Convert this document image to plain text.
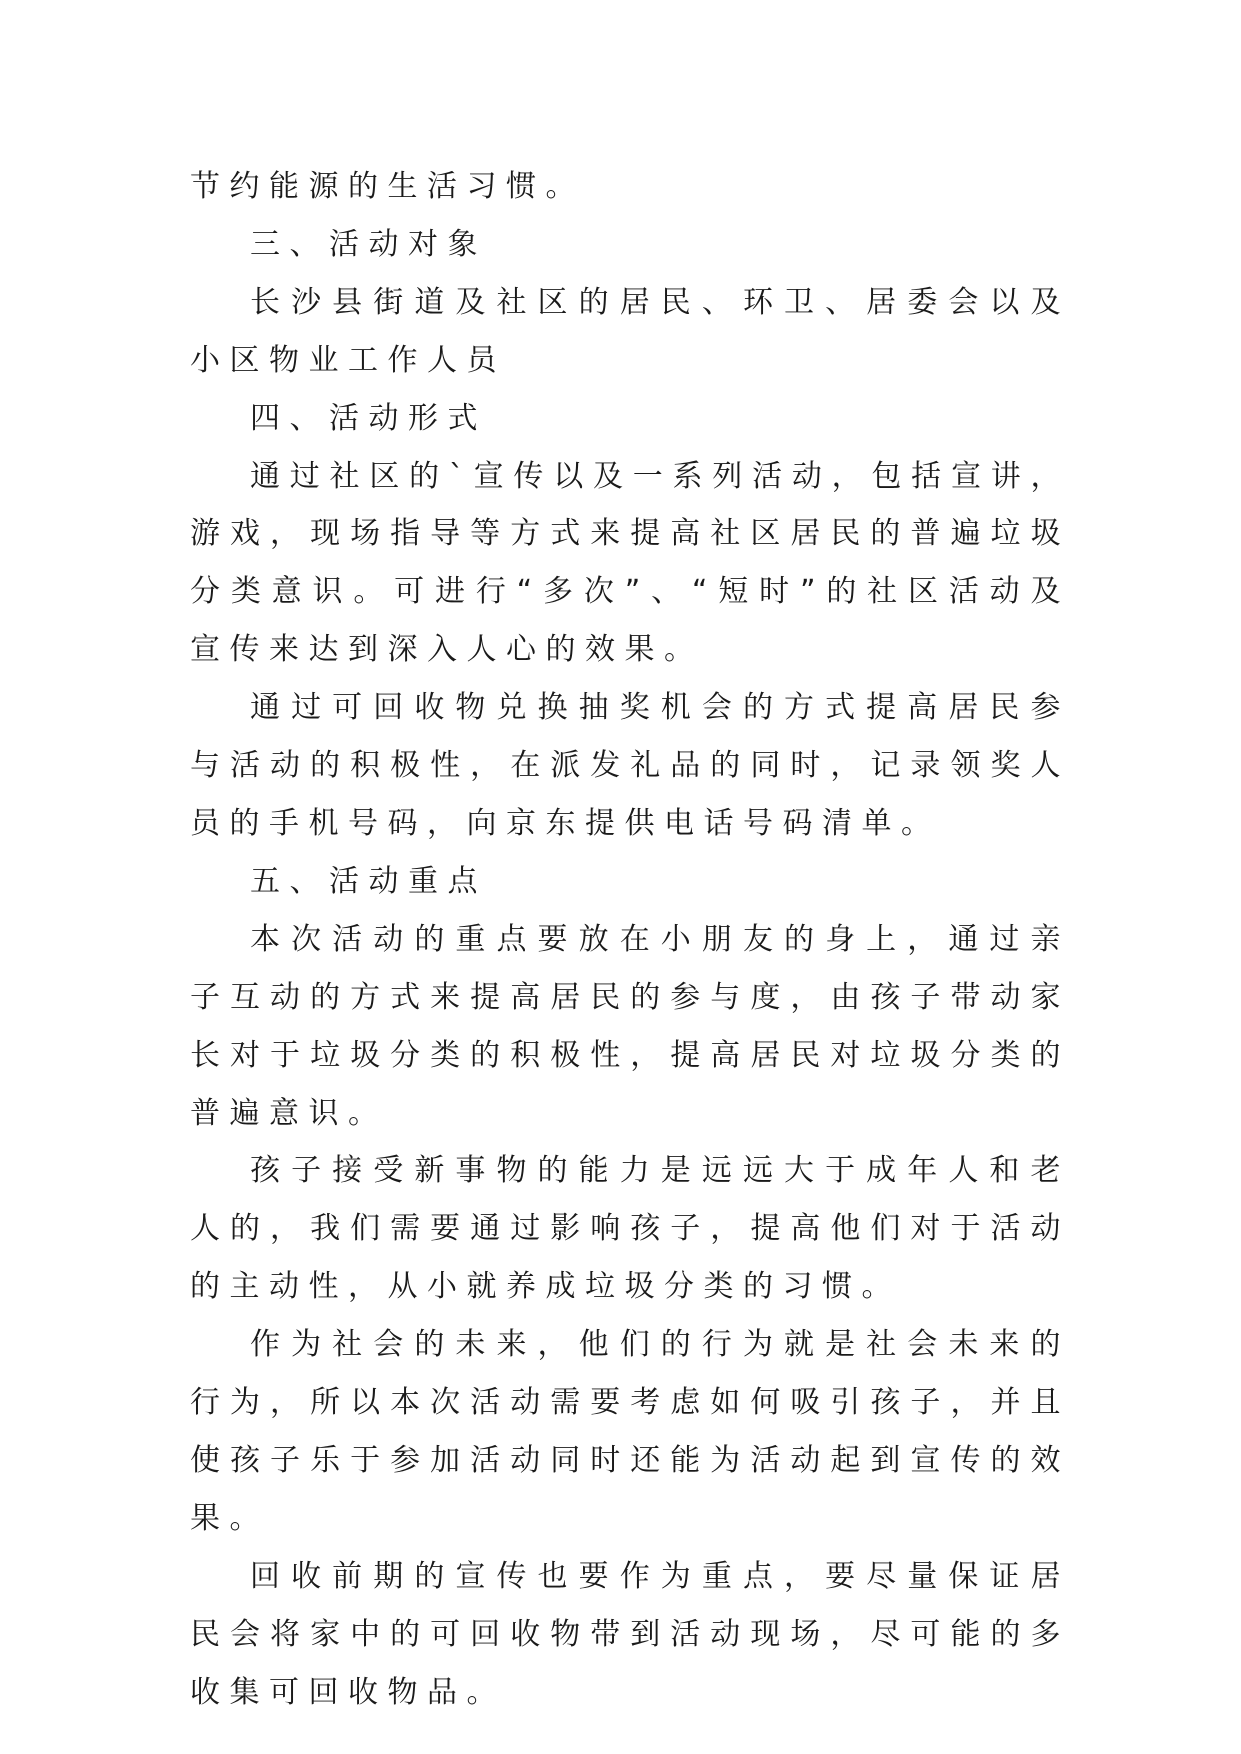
节约能源的生活习惯。

三、活动对象

长沙县街道及社区的居民、环卫、居委会以及小区物业工作人员

四、活动形式

通过社区的`宣传以及一系列活动，包括宣讲，游戏，现场指导等方式来提高社区居民的普遍垃圾分类意识。可进行“多次”、“短时”的社区活动及宣传来达到深入人心的效果。

通过可回收物兑换抽奖机会的方式提高居民参与活动的积极性，在派发礼品的同时，记录领奖人员的手机号码，向京东提供电话号码清单。

五、活动重点

本次活动的重点要放在小朋友的身上，通过亲子互动的方式来提高居民的参与度，由孩子带动家长对于垃圾分类的积极性，提高居民对垃圾分类的普遍意识。

孩子接受新事物的能力是远远大于成年人和老人的，我们需要通过影响孩子，提高他们对于活动的主动性，从小就养成垃圾分类的习惯。

作为社会的未来，他们的行为就是社会未来的行为，所以本次活动需要考虑如何吸引孩子，并且使孩子乐于参加活动同时还能为活动起到宣传的效果。

回收前期的宣传也要作为重点，要尽量保证居民会将家中的可回收物带到活动现场，尽可能的多收集可回收物品。
